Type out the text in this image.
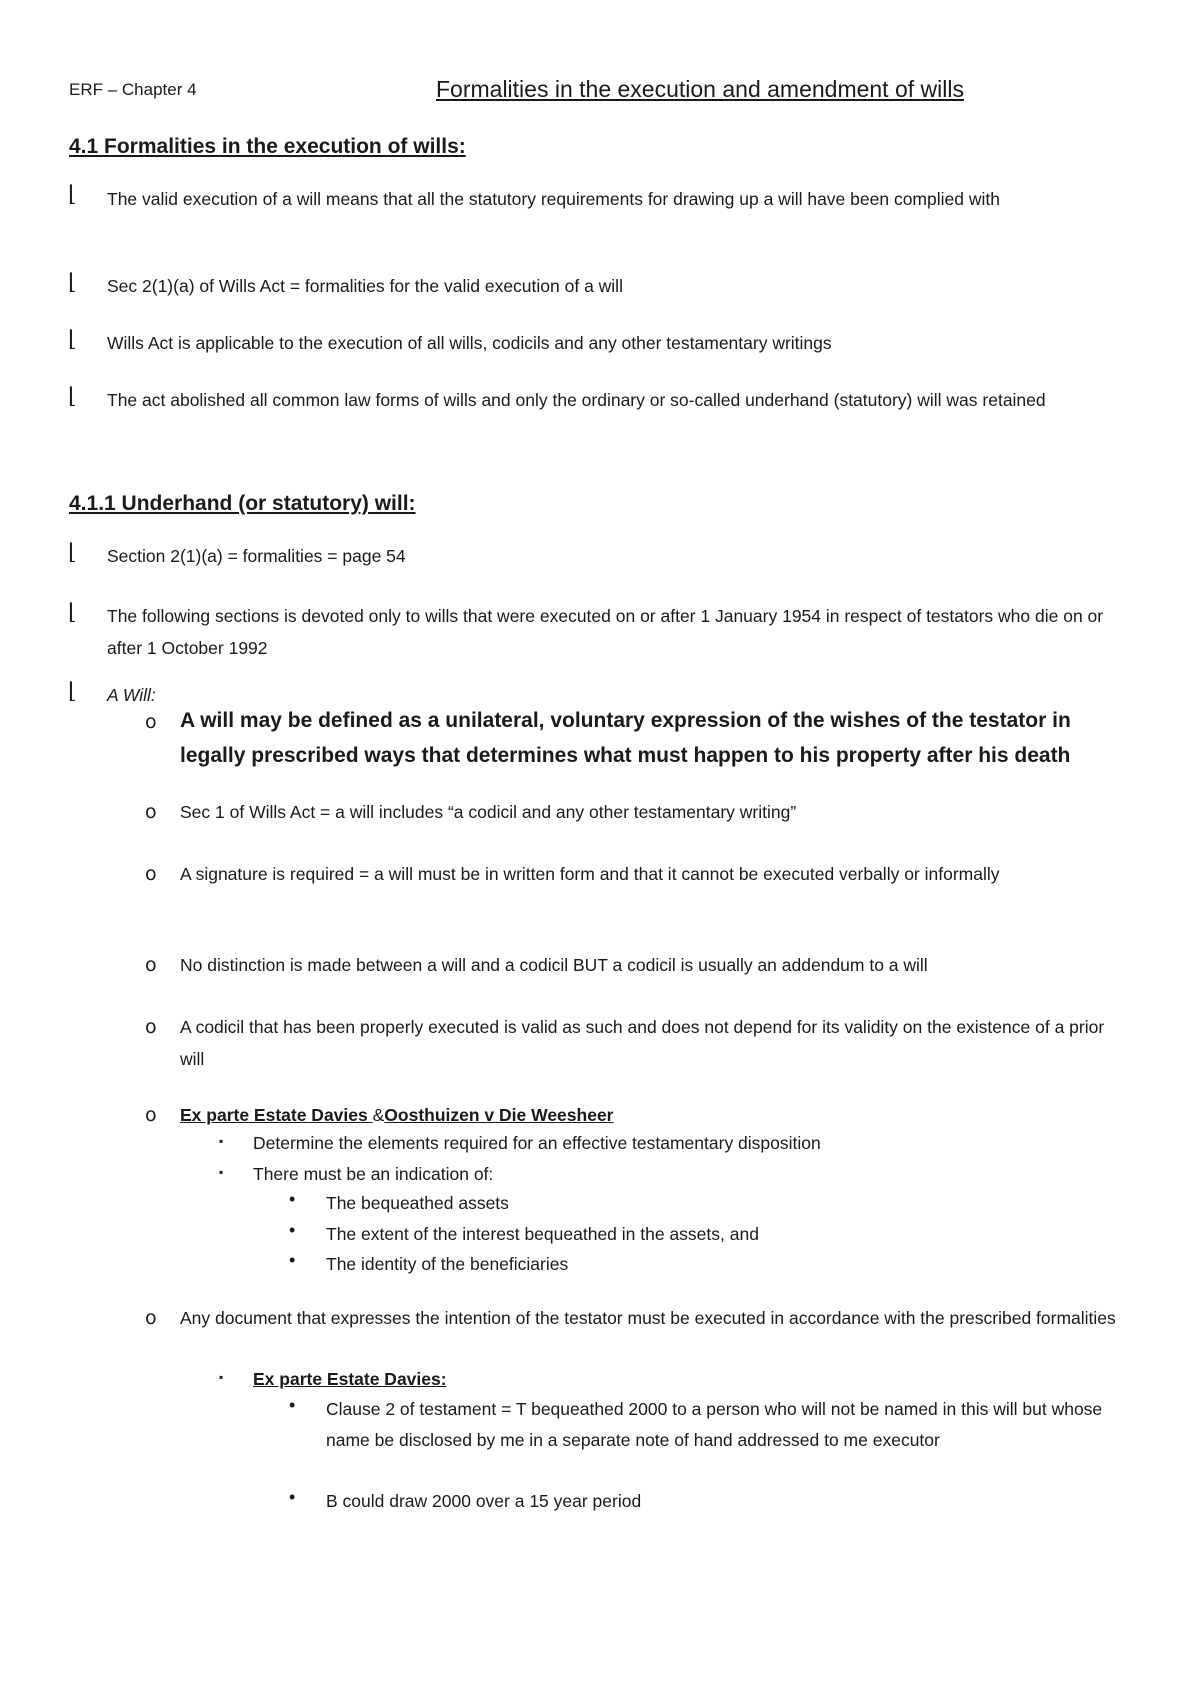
ERF – Chapter 4	Formalities in the execution and amendment of wills
4.1 Formalities in the execution of wills:
⌊ The valid execution of a will means that all the statutory requirements for drawing up a will have been complied with
⌊ Sec 2(1)(a) of Wills Act = formalities for the valid execution of a will
⌊ Wills Act is applicable to the execution of all wills, codicils and any other testamentary writings
⌊ The act abolished all common law forms of wills and only the ordinary or so-called underhand (statutory) will was retained
4.1.1 Underhand (or statutory) will:
⌊ Section 2(1)(a) = formalities = page 54
⌊ The following sections is devoted only to wills that were executed on or after 1 January 1954 in respect of testators who die on or after 1 October 1992
⌊ A Will:
o A will may be defined as a unilateral, voluntary expression of the wishes of the testator in legally prescribed ways that determines what must happen to his property after his death
o Sec 1 of Wills Act = a will includes “a codicil and any other testamentary writing”
o A signature is required = a will must be in written form and that it cannot be executed verbally or informally
o No distinction is made between a will and a codicil BUT a codicil is usually an addendum to a will
o A codicil that has been properly executed is valid as such and does not depend for its validity on the existence of a prior will
o Ex parte Estate Davies &Oosthuizen v Die Weesheer
▪ Determine the elements required for an effective testamentary disposition
▪ There must be an indication of:
• The bequeathed assets
• The extent of the interest bequeathed in the assets, and
• The identity of the beneficiaries
o Any document that expresses the intention of the testator must be executed in accordance with the prescribed formalities
▪ Ex parte Estate Davies:
• Clause 2 of testament = T bequeathed 2000 to a person who will not be named in this will but whose name be disclosed by me in a separate note of hand addressed to me executor
• B could draw 2000 over a 15 year period
